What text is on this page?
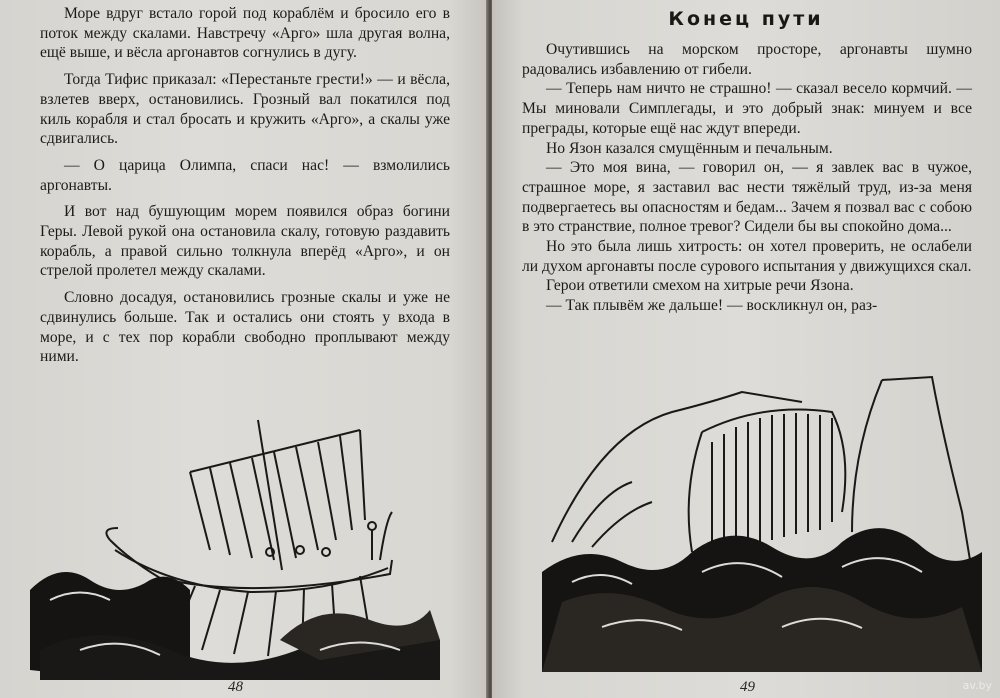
Море вдруг встало горой под кораблём и бросило его в поток между скалами. Навстречу «Арго» шла другая волна, ещё выше, и вёсла аргонавтов согнулись в дугу.

Тогда Тифис приказал: «Перестаньте грести!» — и вёсла, взлетев вверх, остановились. Грозный вал покатился под киль корабля и стал бросать и кружить «Арго», а скалы уже сдвигались.

— О царица Олимпа, спаси нас! — взмолились аргонавты.

И вот над бушующим морем появился образ богини Геры. Левой рукой она остановила скалу, готовую раздавить корабль, а правой сильно толкнула вперёд «Арго», и он стрелой пролетел между скалами.

Словно досадуя, остановились грозные скалы и уже не сдвинулись больше. Так и остались они стоять у входа в море, и с тех пор корабли свободно проплывают между ними.

48
Конец пути

Очутившись на морском просторе, аргонавты шумно радовались избавлению от гибели.

— Теперь нам ничто не страшно! — сказал весело кормчий. — Мы миновали Симплегады, и это добрый знак: минуем и все преграды, которые ещё нас ждут впереди.

Но Язон казался смущённым и печальным.

— Это моя вина, — говорил он, — я завлек вас в чужое, страшное море, я заставил вас нести тяжёлый труд, из-за меня подвергаетесь вы опасностям и бедам... Зачем я позвал вас с собою в это странствие, полное тревог? Сидели бы вы спокойно дома...

Но это была лишь хитрость: он хотел проверить, не ослабели ли духом аргонавты после сурового испытания у движущихся скал.

Герои ответили смехом на хитрые речи Язона.

— Так плывём же дальше! — воскликнул он, раз-

49	av.by
